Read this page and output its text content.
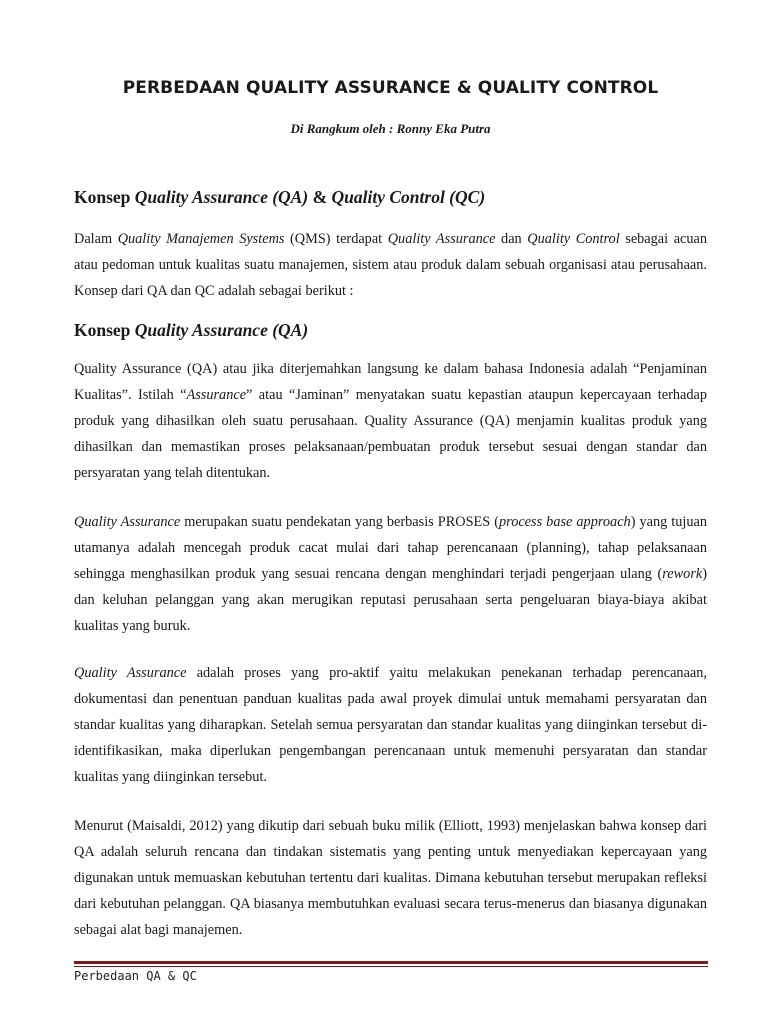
PERBEDAAN QUALITY ASSURANCE & QUALITY CONTROL

Di Rangkum oleh : Ronny Eka Putra

Konsep Quality Assurance (QA) & Quality Control (QC)

Dalam Quality Manajemen Systems (QMS) terdapat Quality Assurance dan Quality Control sebagai acuan atau pedoman untuk kualitas suatu manajemen, sistem atau produk dalam sebuah organisasi atau perusahaan. Konsep dari QA dan QC adalah sebagai berikut :

Konsep Quality Assurance (QA)

Quality Assurance (QA) atau jika diterjemahkan langsung ke dalam bahasa Indonesia adalah “Penjaminan Kualitas”. Istilah “Assurance” atau “Jaminan” menyatakan suatu kepastian ataupun kepercayaan terhadap produk yang dihasilkan oleh suatu perusahaan. Quality Assurance (QA) menjamin kualitas produk yang dihasilkan dan memastikan proses pelaksanaan/pembuatan produk tersebut sesuai dengan standar dan persyaratan yang telah ditentukan.

Quality Assurance merupakan suatu pendekatan yang berbasis PROSES (process base approach) yang tujuan utamanya adalah mencegah produk cacat mulai dari tahap perencanaan (planning), tahap pelaksanaan sehingga menghasilkan produk yang sesuai rencana dengan menghindari terjadi pengerjaan ulang (rework) dan keluhan pelanggan yang akan merugikan reputasi perusahaan serta pengeluaran biaya-biaya akibat kualitas yang buruk.

Quality Assurance adalah proses yang pro-aktif yaitu melakukan penekanan terhadap perencanaan, dokumentasi dan penentuan panduan kualitas pada awal proyek dimulai untuk memahami persyaratan dan standar kualitas yang diharapkan. Setelah semua persyaratan dan standar kualitas yang diinginkan tersebut di-identifikasikan, maka diperlukan pengembangan perencanaan untuk memenuhi persyaratan dan standar kualitas yang diinginkan tersebut.

Menurut (Maisaldi, 2012) yang dikutip dari sebuah buku milik (Elliott, 1993) menjelaskan bahwa konsep dari QA adalah seluruh rencana dan tindakan sistematis yang penting untuk menyediakan kepercayaan yang digunakan untuk memuaskan kebutuhan tertentu dari kualitas. Dimana kebutuhan tersebut merupakan refleksi dari kebutuhan pelanggan. QA biasanya membutuhkan evaluasi secara terus-menerus dan biasanya digunakan sebagai alat bagi manajemen.

Perbedaan QA & QC
